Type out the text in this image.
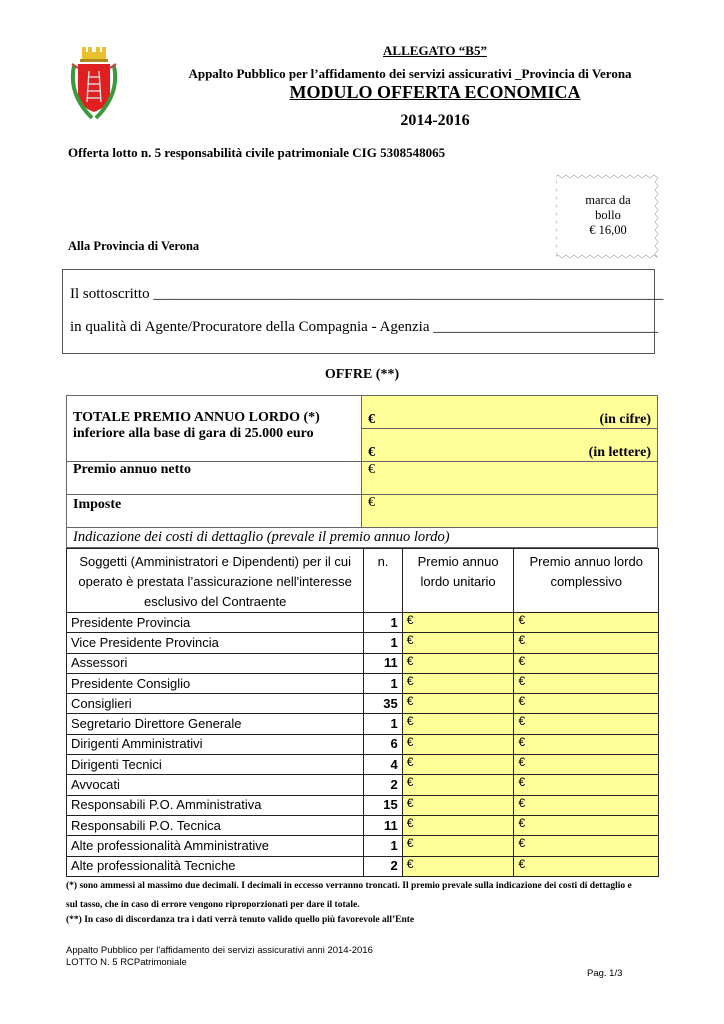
ALLEGATO “B5”
Appalto Pubblico per l’affidamento dei servizi assicurativi _Provincia di Verona
MODULO OFFERTA ECONOMICA
2014-2016
Offerta lotto n. 5 responsabilità civile patrimoniale CIG 5308548065
marca da
bollo
€ 16,00
Alla Provincia di Verona
Il sottoscritto ____________________________________________________________________
in qualità di Agente/Procuratore della Compagnia - Agenzia ______________________________
OFFRE (**)
TOTALE PREMIO ANNUO LORDO (*)
inferiore alla base di gara di 25.000 euro

€	(in cifre)

	€ (in lettere)

Premio annuo netto	€
Imposte	€
Indicazione dei costi di dettaglio (prevale il premio annuo lordo)
Soggetti (Amministratori e Dipendenti) per il cui operato è prestata l’assicurazione nell'interesse esclusivo del Contraente	n.	Premio annuo lordo unitario	Premio annuo lordo complessivo
Presidente Provincia	1	€	€
Vice Presidente Provincia	1	€	€
Assessori	11	€	€
Presidente Consiglio	1	€	€
Consiglieri	35	€	€
Segretario Direttore Generale	1	€	€
Dirigenti Amministrativi	6	€	€
Dirigenti Tecnici	4	€	€
Avvocati	2	€	€
Responsabili P.O. Amministrativa	15	€	€
Responsabili P.O. Tecnica	11	€	€
Alte professionalità Amministrative	1	€	€
Alte professionalità Tecniche	2	€	€
(*) sono ammessi al massimo due decimali. I decimali in eccesso verranno troncati. Il premio prevale sulla indicazione dei costi di dettaglio e
sul tasso, che in caso di errore vengono riproporzionati per dare il totale.
(**) In caso di discordanza tra i dati verrà tenuto valido quello più favorevole all’Ente
Appalto Pubblico per l'affidamento dei servizi assicurativi anni 2014-2016
LOTTO N. 5 RCPatrimoniale
Pag. 1/3
